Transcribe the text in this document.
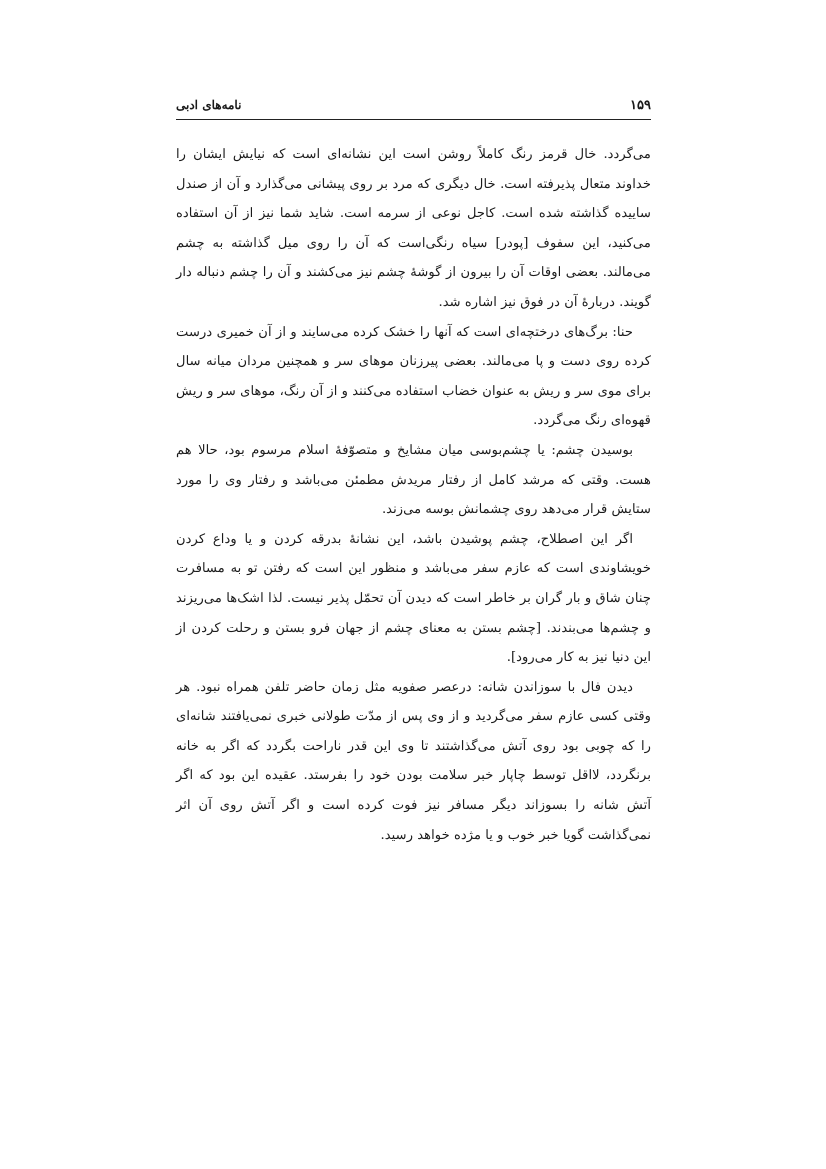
۱۵۹
نامه‌های ادبی

می‌گردد. خال قرمز رنگ کاملاً روشن است این نشانه‌ای است که نیایش ایشان را خداوند متعال پذیرفته است. خال دیگری که مرد بر روی پیشانی می‌گذارد و آن از صندل ساییده گذاشته شده است. کاجل نوعی از سرمه است. شاید شما نیز از آن استفاده می‌کنید، این سفوف [پودر] سیاه رنگی‌است که آن را روی میل گذاشته به چشم می‌مالند. بعضی اوقات آن را بیرون از گوشهٔ چشم نیز می‌کشند و آن را چشم دنباله دار گویند. دربارهٔ آن در فوق نیز اشاره شد.

حنا: برگ‌های درختچه‌ای است که آنها را خشک کرده می‌سایند و از آن خمیری درست کرده روی دست و پا می‌مالند. بعضی پیرزنان موهای سر و همچنین مردان میانه سال برای موی سر و ریش به عنوان خضاب استفاده می‌کنند و از آن رنگ، موهای سر و ریش قهوه‌ای رنگ می‌گردد.

بوسیدن چشم: یا چشم‌بوسی میان مشایخ و متصوّفهٔ اسلام مرسوم بود، حالا هم هست. وقتی که مرشد کامل از رفتار مریدش مطمئن می‌باشد و رفتار وی را مورد ستایش قرار می‌دهد روی چشمانش بوسه می‌زند.

اگر این اصطلاح، چشم پوشیدن باشد، این نشانهٔ بدرقه کردن و یا وداع کردن خویشاوندی است که عازم سفر می‌باشد و منظور این است که رفتن تو به مسافرت چنان شاق و بار گران بر خاطر است که دیدن آن تحمّل پذیر نیست. لذا اشک‌ها می‌ریزند و چشم‌ها می‌بندند. [چشم بستن به معنای چشم از جهان فرو بستن و رحلت کردن از این دنیا نیز به کار می‌رود].

دیدن فال با سوزاندن شانه: درعصر صفویه مثل زمان حاضر تلفن همراه نبود. هر وقتی کسی عازم سفر می‌گردید و از وی پس از مدّت طولانی خبری نمی‌یافتند شانه‌ای را که چوبی بود روی آتش می‌گذاشتند تا وی این قدر ناراحت بگردد که اگر به خانه برنگردد، لااقل توسط چاپار خبر سلامت بودن خود را بفرستد. عقیده این بود که اگر آتش شانه را بسوزاند دیگر مسافر نیز فوت کرده است و اگر آتش روی آن اثر نمی‌گذاشت گویا خبر خوب و یا مژده خواهد رسید.
